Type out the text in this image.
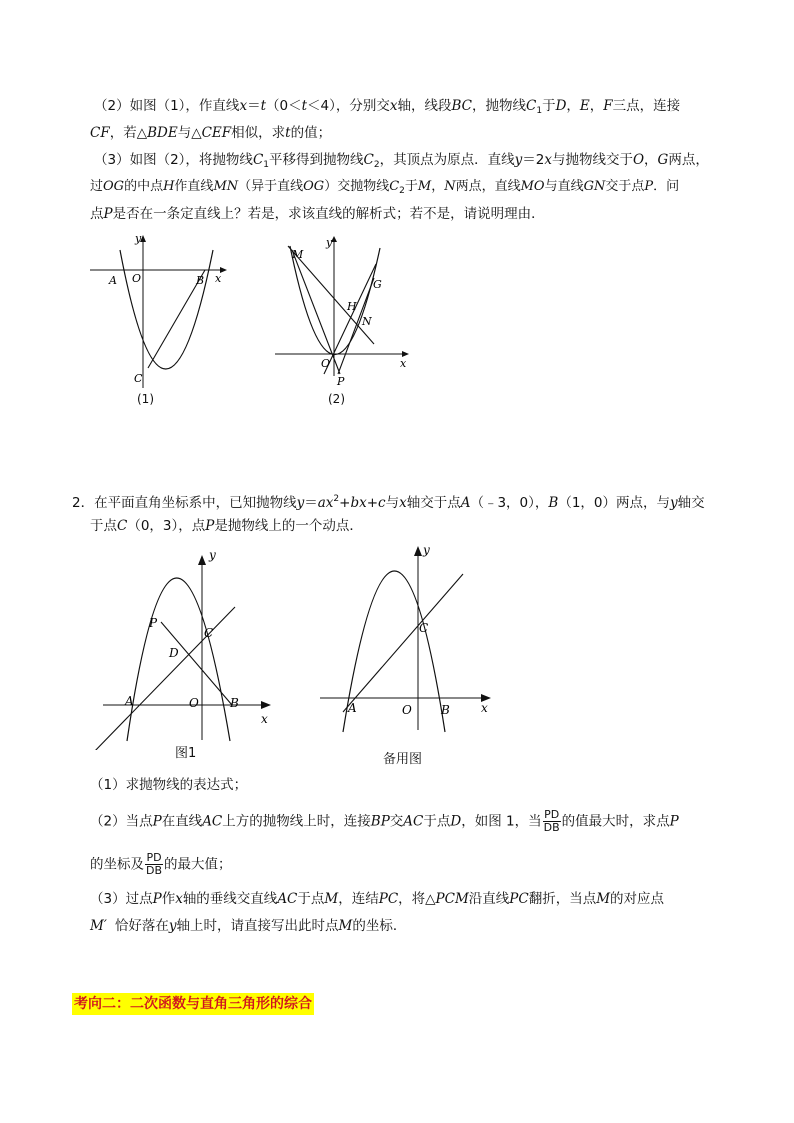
（2）如图（1），作直线x＝t（0＜t＜4），分别交x轴，线段BC，抛物线$C_1$于D，E，F三点，连接
CF，若△BDE与△CEF相似，求t的值；
（3）如图（2），将抛物线$C_1$平移得到抛物线$C_2$，其顶点为原点．直线y＝2x与抛物线交于O，G两点，
过OG的中点H作直线MN（异于直线OG）交抛物线$C_2$于M，N两点，直线MO与直线GN交于点P．问
点P是否在一条定直线上？若是，求该直线的解析式；若不是，请说明理由．
y
x
A O	B
C
(1)
y
x
M
G
H
N
O
P
(2)
2．在平面直角坐标系中，已知抛物线$y=ax^2+bx+c$与x轴交于点A（﹣3，0），B（1，0）两点，与y轴交
于点C（0，3），点P是抛物线上的一个动点．
y
x
P
C
D
A	O	B
图1
y
x
C
A	O B
备用图
（1）求抛物线的表达式；
（2）当点P在直线AC上方的抛物线上时，连接BP交AC于点D，如图 1，当 $\frac{PD}{DB}$ 的值最大时，求点P
的坐标及 $\frac{PD}{DB}$ 的最大值；
（3）过点P作x轴的垂线交直线AC于点M，连结PC，将△PCM沿直线PC翻折，当点M的对应点
M′ 恰好落在y轴上时，请直接写出此时点M的坐标．
考向二：二次函数与直角三角形的综合
